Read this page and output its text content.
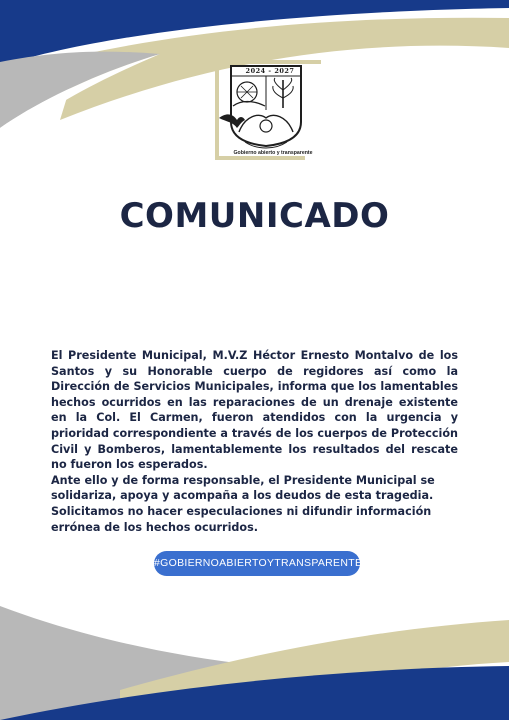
2024 - 2027
Gobierno abierto y transparente
COMUNICADO

El Presidente Municipal, M.V.Z Héctor Ernesto Montalvo de los Santos y su Honorable cuerpo de regidores así como la Dirección de Servicios Municipales, informa que los lamentables hechos ocurridos en las reparaciones de un drenaje existente en la Col. El Carmen, fueron atendidos con la urgencia y prioridad correspondiente a través de los cuerpos de Protección Civil y Bomberos, lamentablemente los resultados del rescate no fueron los esperados.

Ante ello y de forma responsable, el Presidente Municipal se solidariza, apoya y acompaña a los deudos de esta tragedia.

Solicitamos no hacer especulaciones ni difundir información errónea de los hechos ocurridos.

#GOBIERNOABIERTOYTRANSPARENTE
